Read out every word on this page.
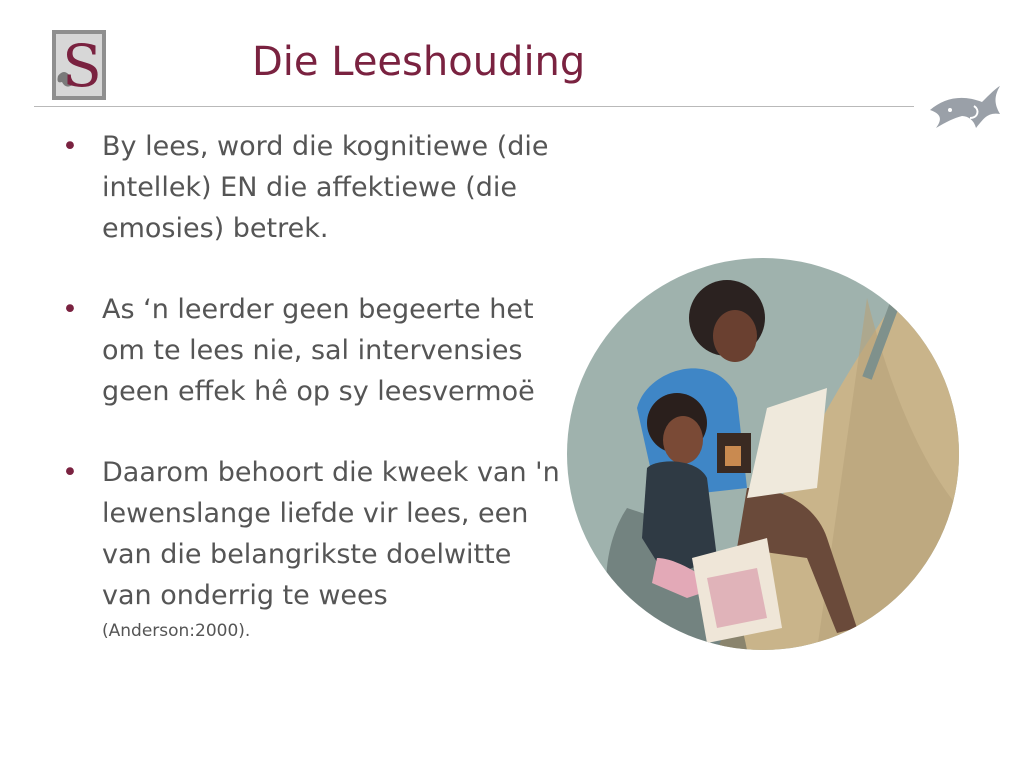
S	Die Leeshouding
• By lees, word die kognitiewe (die intellek) EN die affektiewe (die emosies) betrek.
• As ‘n leerder geen begeerte het om te lees nie, sal intervensies geen effek hê op sy leesvermoë
• Daarom behoort die kweek van 'n lewenslange liefde vir lees, een van die belangrikste doelwitte van onderrig te wees
(Anderson:2000).
